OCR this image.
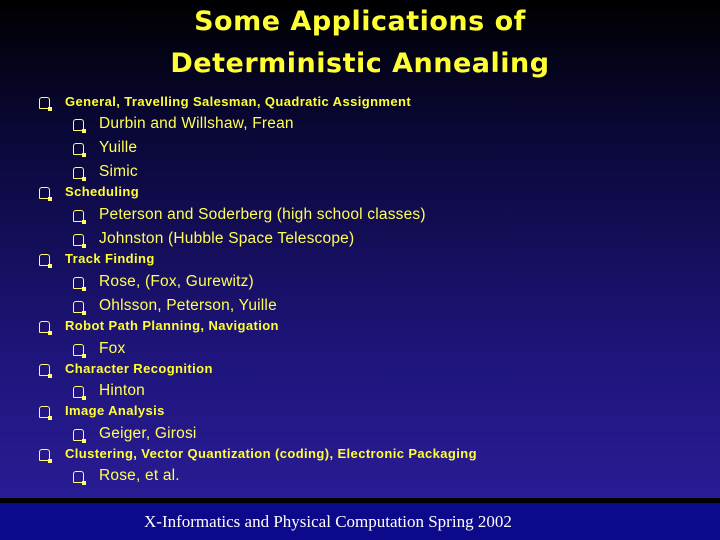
Some Applications of
Deterministic Annealing
General, Travelling Salesman, Quadratic Assignment
Durbin and Willshaw, Frean
Yuille
Simic
Scheduling
Peterson and Soderberg (high school classes)
Johnston (Hubble Space Telescope)
Track Finding
Rose, (Fox, Gurewitz)
Ohlsson, Peterson, Yuille
Robot Path Planning, Navigation
Fox
Character Recognition
Hinton
Image Analysis
Geiger, Girosi
Clustering, Vector Quantization (coding), Electronic Packaging
Rose, et al.
X-Informatics and Physical Computation Spring 2002
